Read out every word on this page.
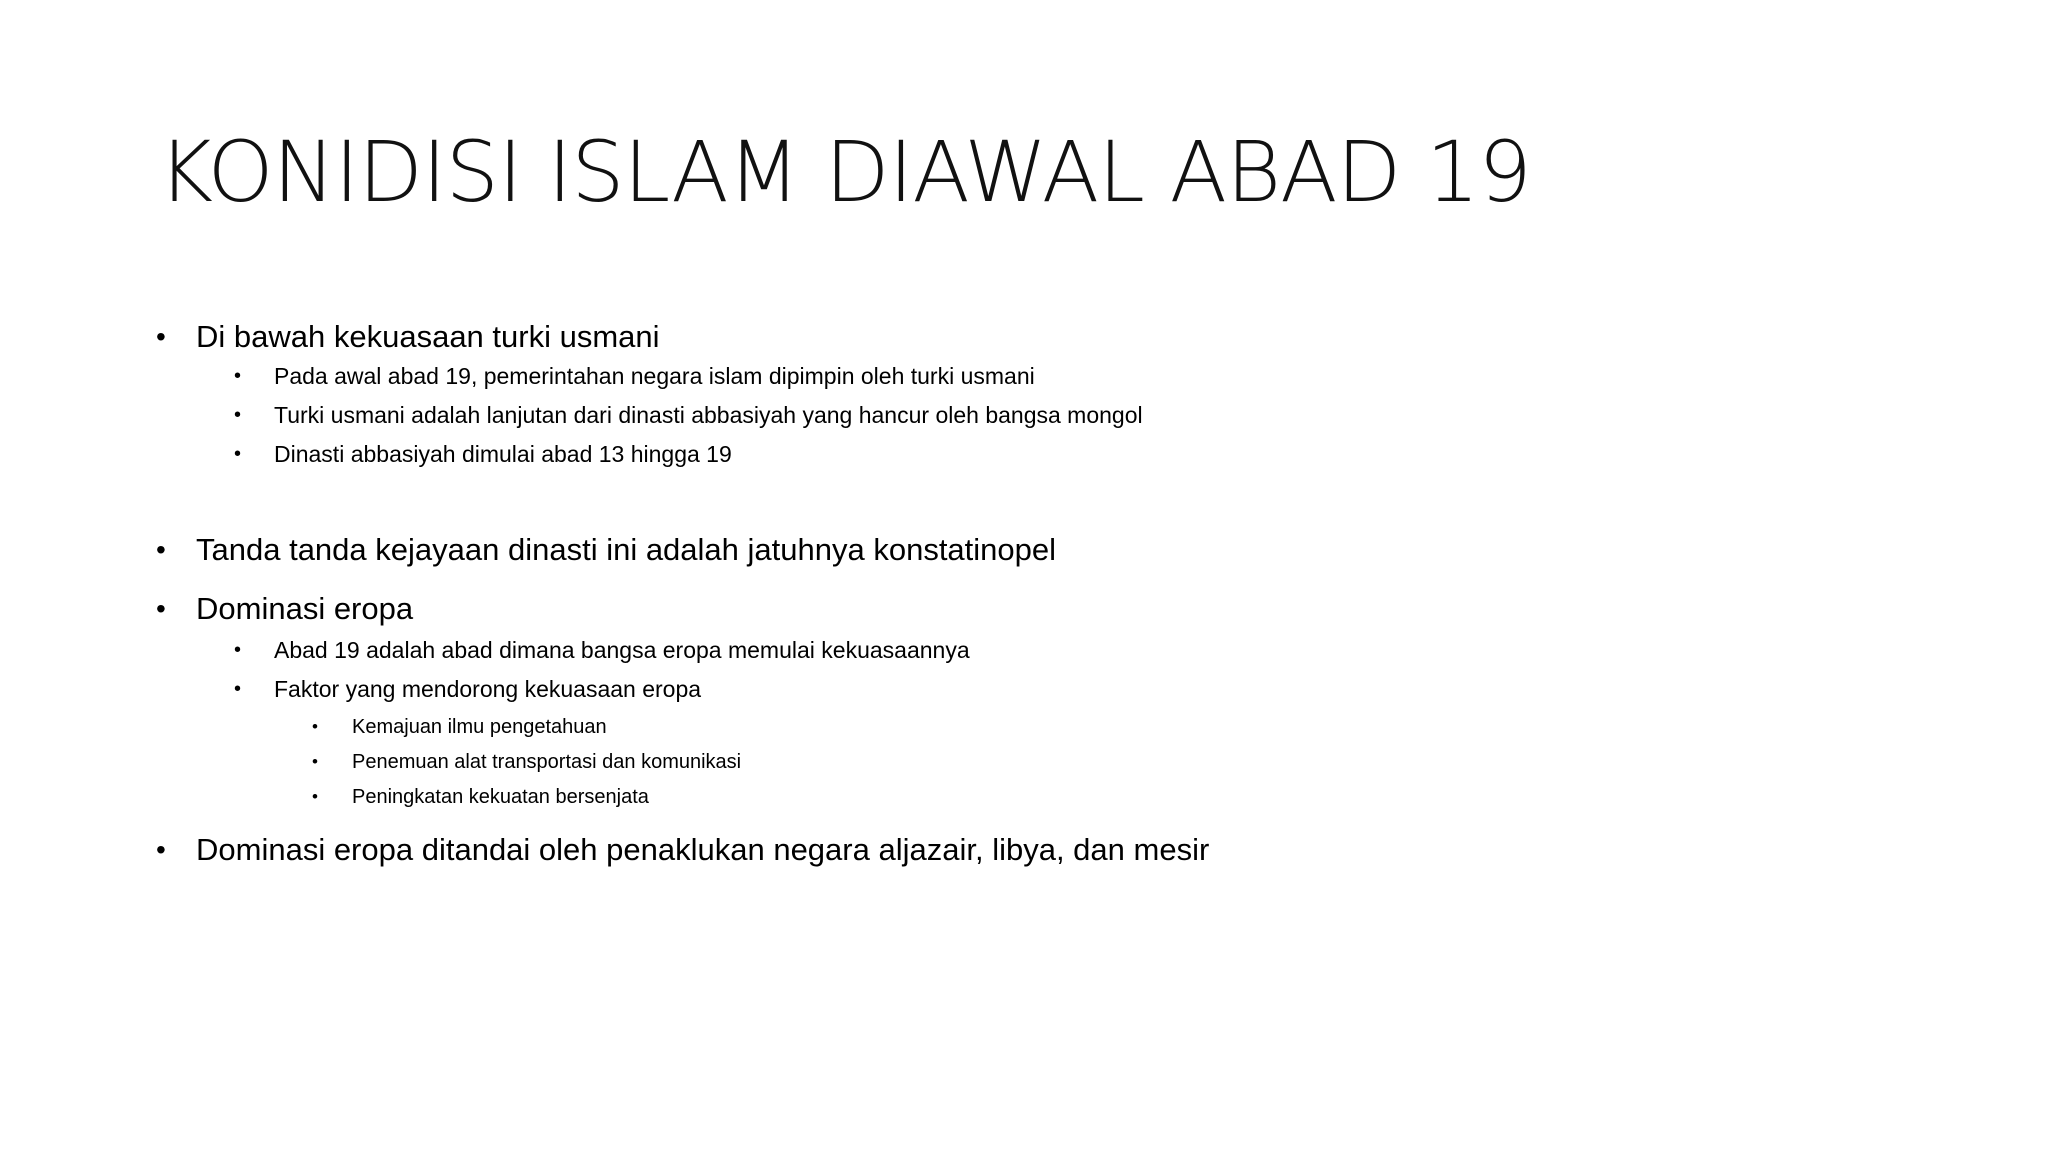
KONIDISI ISLAM DIAWAL ABAD 19
• Di bawah kekuasaan turki usmani
• Pada awal abad 19, pemerintahan negara islam dipimpin oleh turki usmani
• Turki usmani adalah lanjutan dari dinasti abbasiyah yang hancur oleh bangsa mongol
• Dinasti abbasiyah dimulai abad 13 hingga 19
• Tanda tanda kejayaan dinasti ini adalah jatuhnya konstatinopel
• Dominasi eropa
• Abad 19 adalah abad dimana bangsa eropa memulai kekuasaannya
• Faktor yang mendorong kekuasaan eropa
• Kemajuan ilmu pengetahuan
• Penemuan alat transportasi dan komunikasi
• Peningkatan kekuatan bersenjata
• Dominasi eropa ditandai oleh penaklukan negara aljazair, libya, dan mesir
